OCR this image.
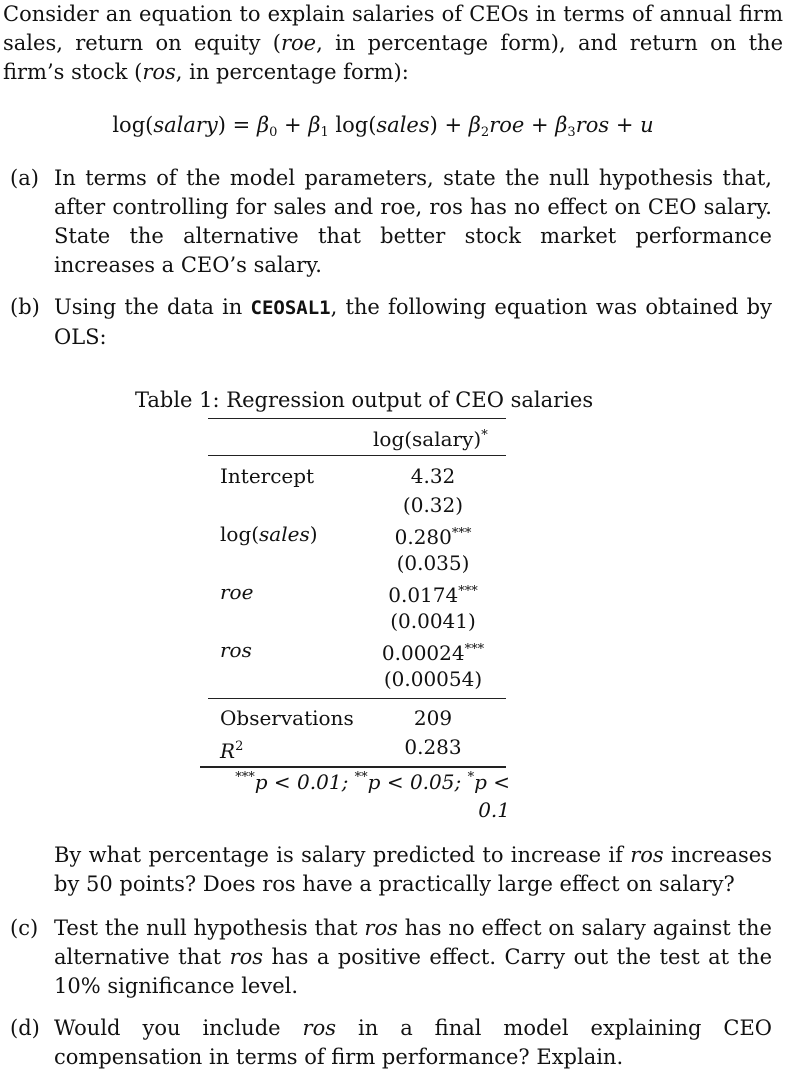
Consider an equation to explain salaries of CEOs in terms of annual firm sales, return on equity (roe, in percentage form), and return on the firm’s stock (ros, in percentage form):
log(salary) = $\beta_0 + \beta_1$ log(sales) + $\beta_2roe + \beta_3ros + u$
(a) In terms of the model parameters, state the null hypothesis that, after controlling for sales and roe, ros has no effect on CEO salary. State the alternative that better stock market performance increases a CEO’s salary.
(b) Using the data in CEOSAL1, the following equation was obtained by OLS:
Table 1: Regression output of CEO salaries
log(salary)*
Intercept	4.32
(0.32)
log(sales)	0.280***
(0.035)
roe	0.0174***
(0.0041)
ros	0.00024***
(0.00054)
Observations	209
$R^2$	0.283
***p < 0.01; **p < 0.05; *p < 0.1
By what percentage is salary predicted to increase if ros increases by 50 points? Does ros have a practically large effect on salary?
(c) Test the null hypothesis that ros has no effect on salary against the alternative that ros has a positive effect. Carry out the test at the 10% significance level.
(d) Would you include ros in a final model explaining CEO compensation in terms of firm performance? Explain.
